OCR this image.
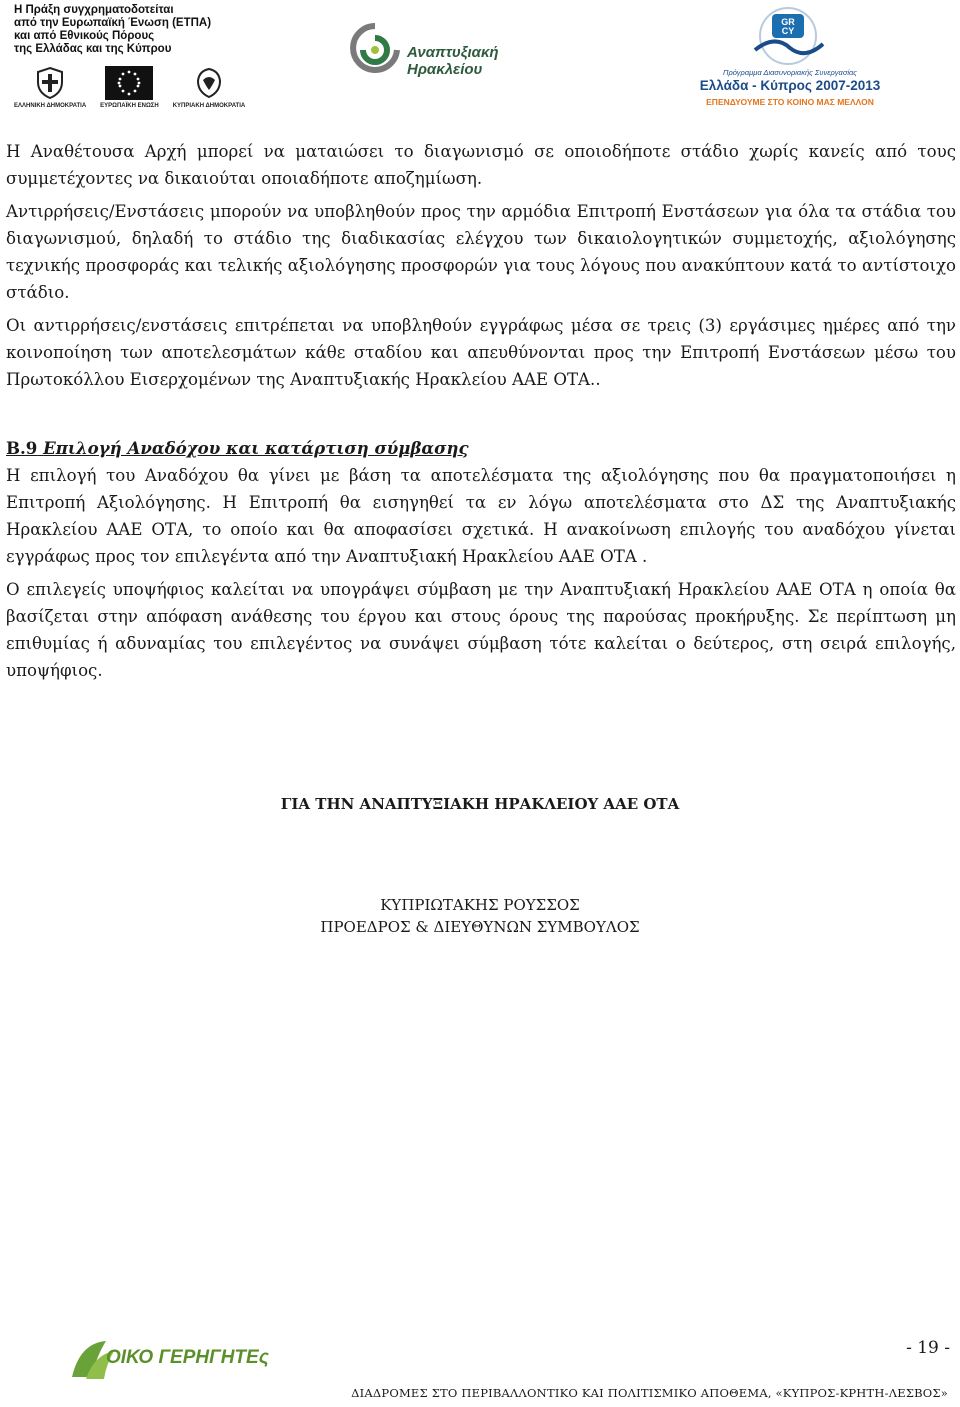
Η Πράξη συγχρηματοδοτείται
από την Ευρωπαϊκή Ένωση (ΕΤΠΑ)
και από Εθνικούς Πόρους
της Ελλάδας και της Κύπρου
ΕΛΛΗΝΙΚΗ ΔΗΜΟΚΡΑΤΙΑ ΕΥΡΩΠΑΪΚΗ ΕΝΩΣΗ ΚΥΠΡΙΑΚΗ ΔΗΜΟΚΡΑΤΙΑ
Αναπτυξιακή Ηρακλείου
GR CY
Πρόγραμμα Διασυνοριακής Συνεργασίας
Ελλάδα - Κύπρος 2007-2013
ΕΠΕΝΔΥΟΥΜΕ ΣΤΟ ΚΟΙΝΟ ΜΑΣ ΜΕΛΛΟΝ

Η Αναθέτουσα Αρχή μπορεί να ματαιώσει το διαγωνισμό σε οποιοδήποτε στάδιο χωρίς κανείς από τους συμμετέχοντες να δικαιούται οποιαδήποτε αποζημίωση.

Αντιρρήσεις/Ενστάσεις μπορούν να υποβληθούν προς την αρμόδια Επιτροπή Ενστάσεων για όλα τα στάδια του διαγωνισμού, δηλαδή το στάδιο της διαδικασίας ελέγχου των δικαιολογητικών συμμετοχής, αξιολόγησης τεχνικής προσφοράς και τελικής αξιολόγησης προσφορών για τους λόγους που ανακύπτουν κατά το αντίστοιχο στάδιο.

Οι αντιρρήσεις/ενστάσεις επιτρέπεται να υποβληθούν εγγράφως μέσα σε τρεις (3) εργάσιμες ημέρες από την κοινοποίηση των αποτελεσμάτων κάθε σταδίου και απευθύνονται προς την Επιτροπή Ενστάσεων μέσω του Πρωτοκόλλου Εισερχομένων της Αναπτυξιακής Ηρακλείου ΑΑΕ ΟΤΑ..

Β.9 Επιλογή Αναδόχου και κατάρτιση σύμβασης

Η επιλογή του Αναδόχου θα γίνει με βάση τα αποτελέσματα της αξιολόγησης που θα πραγματοποιήσει η Επιτροπή Αξιολόγησης. Η Επιτροπή θα εισηγηθεί τα εν λόγω αποτελέσματα στο ΔΣ της Αναπτυξιακής Ηρακλείου ΑΑΕ ΟΤΑ, το οποίο και θα αποφασίσει σχετικά. Η ανακοίνωση επιλογής του αναδόχου γίνεται εγγράφως προς τον επιλεγέντα από την Αναπτυξιακή Ηρακλείου ΑΑΕ ΟΤΑ .

Ο επιλεγείς υποψήφιος καλείται να υπογράψει σύμβαση με την Αναπτυξιακή Ηρακλείου ΑΑΕ ΟΤΑ η οποία θα βασίζεται στην απόφαση ανάθεσης του έργου και στους όρους της παρούσας προκήρυξης. Σε περίπτωση μη επιθυμίας ή αδυναμίας του επιλεγέντος να συνάψει σύμβαση τότε καλείται ο δεύτερος, στη σειρά επιλογής, υποψήφιος.

ΓΙΑ ΤΗΝ ΑΝΑΠΤΥΞΙΑΚΗ ΗΡΑΚΛΕΙΟΥ ΑΑΕ ΟΤΑ
ΚΥΠΡΙΩΤΑΚΗΣ ΡΟΥΣΣΟΣ
ΠΡΟΕΔΡΟΣ & ΔΙΕΥΘΥΝΩΝ ΣΥΜΒΟΥΛΟΣ
ΟΙΚΟ ΓΕΡΗΓΗΤΕς	- 19 -
ΔΙΑΔΡΟΜΕΣ ΣΤΟ ΠΕΡΙΒΑΛΛΟΝΤΙΚΟ ΚΑΙ ΠΟΛΙΤΙΣΜΙΚΟ ΑΠΟΘΕΜΑ, «ΚΥΠΡΟΣ-ΚΡΗΤΗ-ΛΕΣΒΟΣ»
